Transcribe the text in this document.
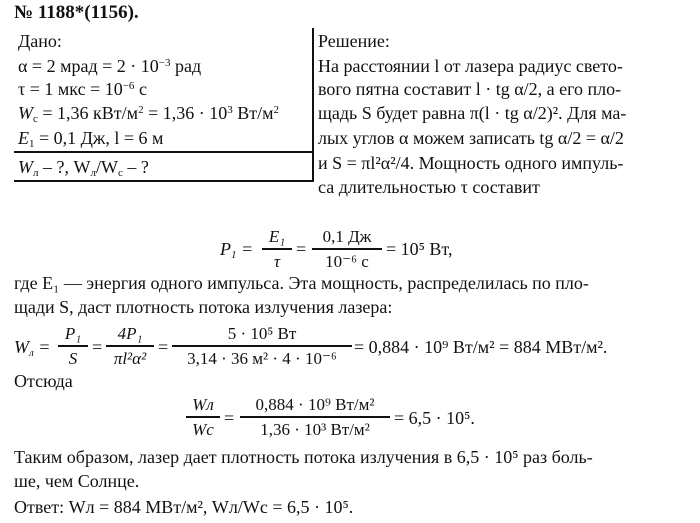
№ 1188*(1156).
Дано:
α = 2 мрад = $2 \cdot 10^{-3}$ рад
τ = 1 мкс = $10^{-6}$ с
$W_c = 1,36$ кВт/$м^2 = 1,36 \cdot 10^3$ $Вт/м^2$
$E_1 = 0,1$ Дж, l = 6 м
$W_л$ – ?, $W_л/W_с$ – ?
Решение:
На расстоянии l от лазера радиус свето-
вого пятна составит l · tg α/2, а его пло-
щадь S будет равна π(l · tg α/2)². Для ма-
лых углов α можем записать tg α/2 = α/2
и S = πl²α²/4. Мощность одного импуль-
са длительностью τ составит
$P_1$ =
E₁
τ
=
0,1 Дж
10⁻⁶ с
= 10⁵ Вт,
где E₁ — энергия одного импульса. Эта мощность, распределилась по пло-
щади S, даст плотность потока излучения лазера:
$W_л$ =
P₁
S
=
4P₁
πl²α²
=
5 · 10⁵ Вт
3,14 · 36 м² · 4 · 10⁻⁶
= 0,884 · 10⁹ Вт/м² = 884 МВт/м².
Отсюда
Wл
Wс
=
0,884 · 10⁹ Вт/м²
1,36 · 10³ Вт/м²
= 6,5 · 10⁵.
Таким образом, лазер дает плотность потока излучения в 6,5 · 10⁵ раз боль-
ше, чем Солнце.
Ответ: Wл = 884 МВт/м², Wл/Wс = 6,5 · 10⁵.
